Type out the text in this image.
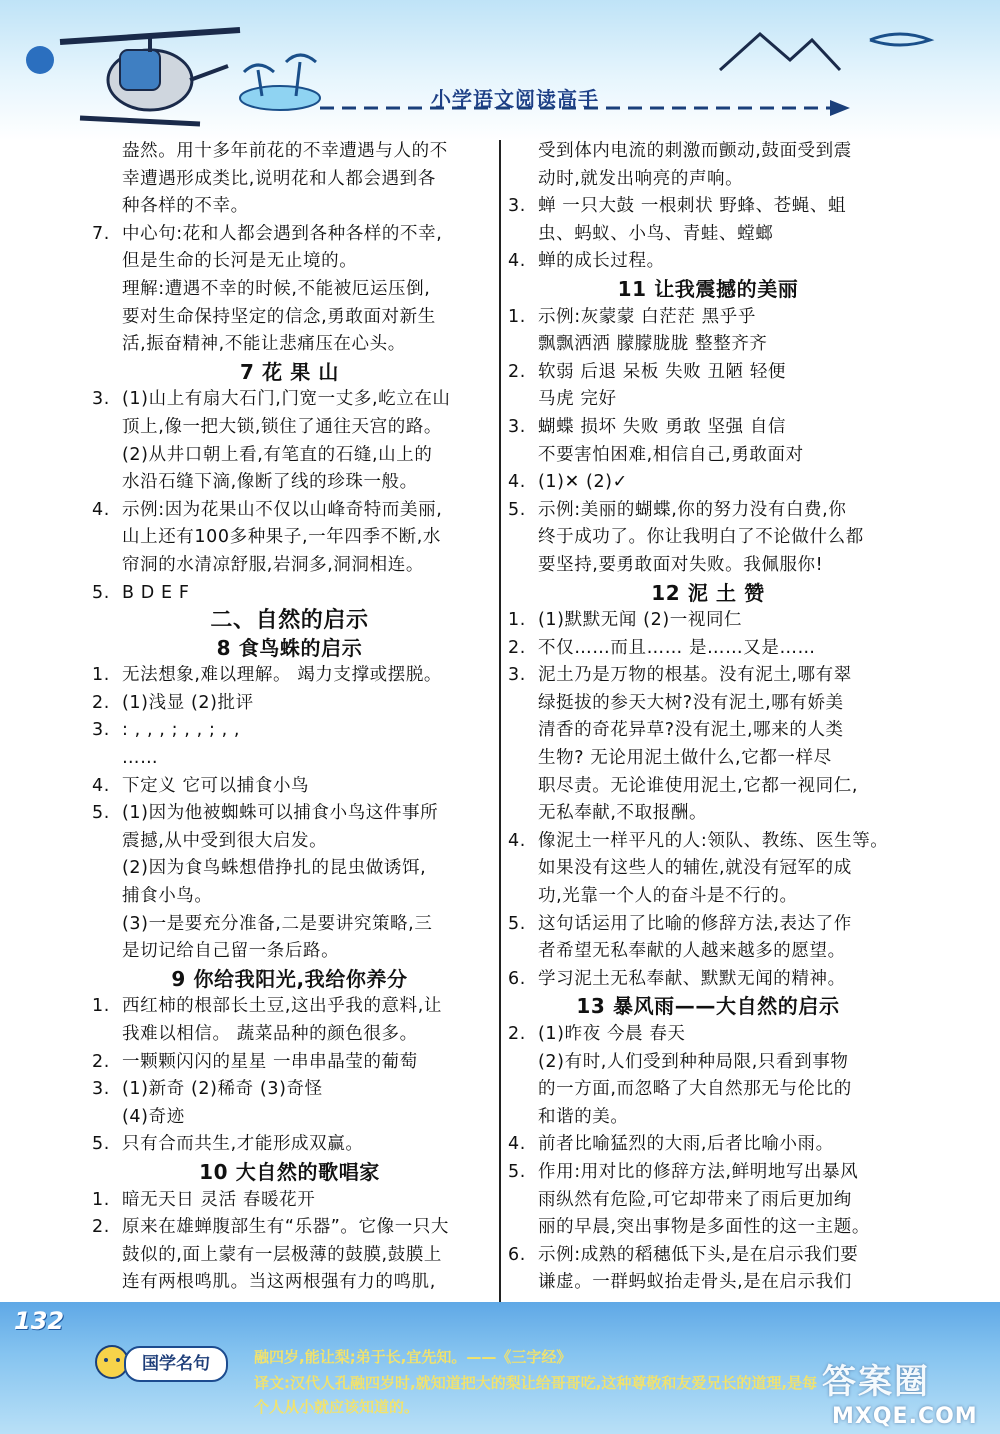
小学语文阅读高手
盎然。用十多年前花的不幸遭遇与人的不
幸遭遇形成类比,说明花和人都会遇到各
种各样的不幸。
7. 中心句:花和人都会遇到各种各样的不幸,
但是生命的长河是无止境的。
理解:遭遇不幸的时候,不能被厄运压倒,
要对生命保持坚定的信念,勇敢面对新生
活,振奋精神,不能让悲痛压在心头。
7 花 果 山
3. (1)山上有扇大石门,门宽一丈多,屹立在山
顶上,像一把大锁,锁住了通往天宫的路。
(2)从井口朝上看,有笔直的石缝,山上的
水沿石缝下滴,像断了线的珍珠一般。
4. 示例:因为花果山不仅以山峰奇特而美丽,
山上还有100多种果子,一年四季不断,水
帘洞的水清凉舒服,岩洞多,洞洞相连。
5. B D E F
二、自然的启示
8 食鸟蛛的启示
1. 无法想象,难以理解。 竭力支撑或摆脱。
2. (1)浅显 (2)批评
3. : , , , ; , , ; , ,
……
4. 下定义 它可以捕食小鸟
5. (1)因为他被蜘蛛可以捕食小鸟这件事所
震撼,从中受到很大启发。
(2)因为食鸟蛛想借挣扎的昆虫做诱饵,
捕食小鸟。
(3)一是要充分准备,二是要讲究策略,三
是切记给自己留一条后路。
9 你给我阳光,我给你养分
1. 西红柿的根部长土豆,这出乎我的意料,让
我难以相信。 蔬菜品种的颜色很多。
2. 一颗颗闪闪的星星 一串串晶莹的葡萄
3. (1)新奇 (2)稀奇 (3)奇怪
(4)奇迹
5. 只有合而共生,才能形成双赢。
10 大自然的歌唱家
1. 暗无天日 灵活 春暖花开
2. 原来在雄蝉腹部生有“乐器”。它像一只大
鼓似的,面上蒙有一层极薄的鼓膜,鼓膜上
连有两根鸣肌。当这两根强有力的鸣肌,
受到体内电流的刺激而颤动,鼓面受到震
动时,就发出响亮的声响。
3. 蝉 一只大鼓 一根刺状 野蜂、苍蝇、蛆
虫、蚂蚁、小鸟、青蛙、螳螂
4. 蝉的成长过程。
11 让我震撼的美丽
1. 示例:灰蒙蒙 白茫茫 黑乎乎
飘飘洒洒 朦朦胧胧 整整齐齐
2. 软弱 后退 呆板 失败 丑陋 轻便
马虎 完好
3. 蝴蝶 损坏 失败 勇敢 坚强 自信
不要害怕困难,相信自己,勇敢面对
4. (1)✕ (2)✓
5. 示例:美丽的蝴蝶,你的努力没有白费,你
终于成功了。你让我明白了不论做什么都
要坚持,要勇敢面对失败。我佩服你!
12 泥 土 赞
1. (1)默默无闻 (2)一视同仁
2. 不仅……而且…… 是……又是……
3. 泥土乃是万物的根基。没有泥土,哪有翠
绿挺拔的参天大树?没有泥土,哪有娇美
清香的奇花异草?没有泥土,哪来的人类
生物? 无论用泥土做什么,它都一样尽
职尽责。无论谁使用泥土,它都一视同仁,
无私奉献,不取报酬。
4. 像泥土一样平凡的人:领队、教练、医生等。
如果没有这些人的辅佐,就没有冠军的成
功,光靠一个人的奋斗是不行的。
5. 这句话运用了比喻的修辞方法,表达了作
者希望无私奉献的人越来越多的愿望。
6. 学习泥土无私奉献、默默无闻的精神。
13 暴风雨——大自然的启示
2. (1)昨夜 今晨 春天
(2)有时,人们受到种种局限,只看到事物
的一方面,而忽略了大自然那无与伦比的
和谐的美。
4. 前者比喻猛烈的大雨,后者比喻小雨。
5. 作用:用对比的修辞方法,鲜明地写出暴风
雨纵然有危险,可它却带来了雨后更加绚
丽的早晨,突出事物是多面性的这一主题。
6. 示例:成熟的稻穗低下头,是在启示我们要
谦虚。一群蚂蚁抬走骨头,是在启示我们
132
国学名句	融四岁,能让梨;弟于长,宜先知。——《三字经》
译文:汉代人孔融四岁时,就知道把大的梨让给哥哥吃,这种尊敬和友爱兄长的道理,是每
个人从小就应该知道的。
答案圈
MXQE.COM
